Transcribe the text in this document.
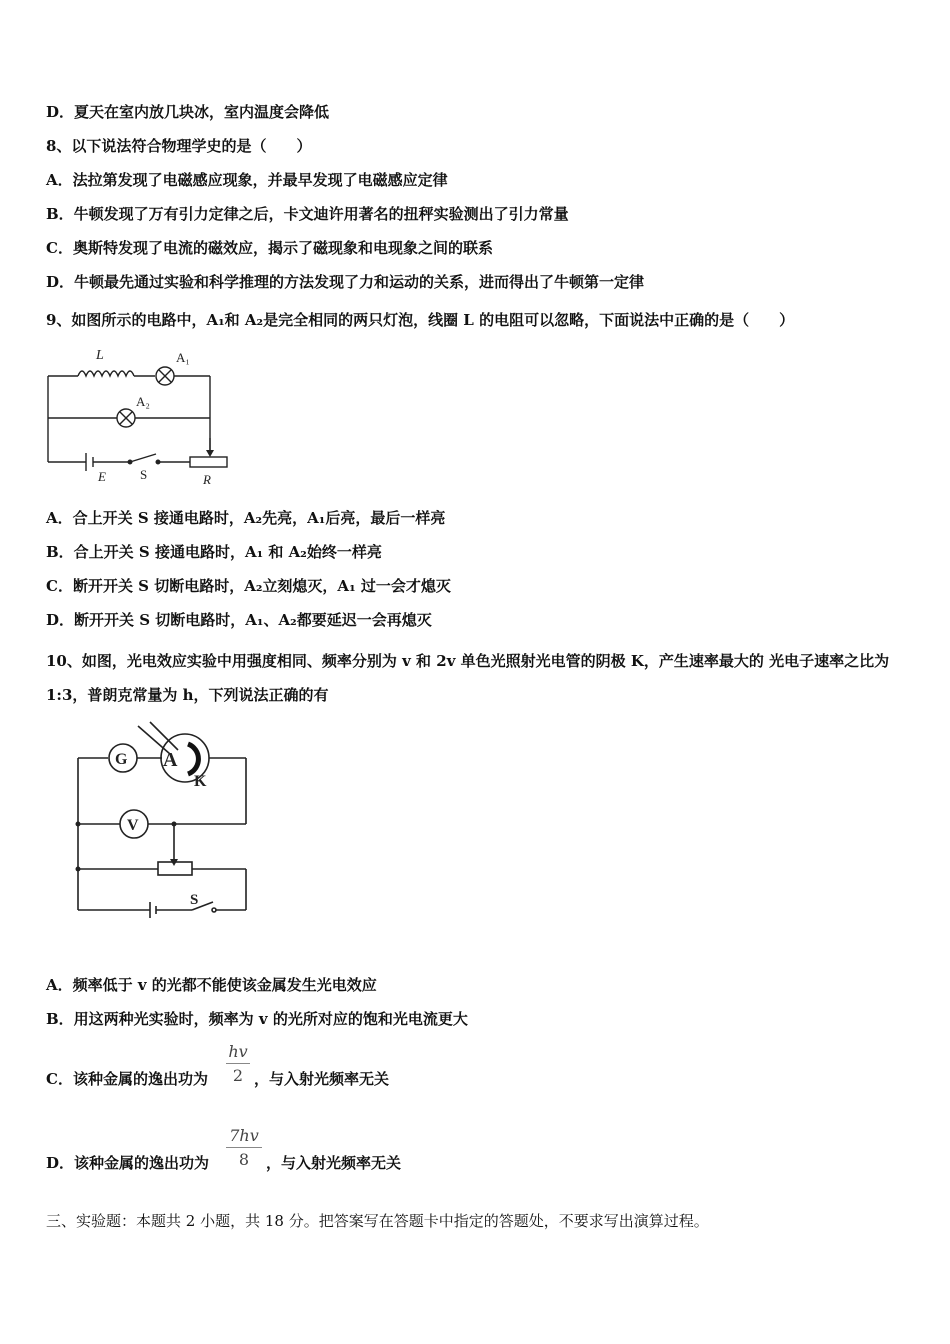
D．夏天在室内放几块冰，室内温度会降低
8、以下说法符合物理学史的是（　　）
A．法拉第发现了电磁感应现象，并最早发现了电磁感应定律
B．牛顿发现了万有引力定律之后，卡文迪许用著名的扭秤实验测出了引力常量
C．奥斯特发现了电流的磁效应，揭示了磁现象和电现象之间的联系
D．牛顿最先通过实验和科学推理的方法发现了力和运动的关系，进而得出了牛顿第一定律
9、如图所示的电路中，A₁和 A₂是完全相同的两只灯泡，线圈 L 的电阻可以忽略，下面说法中正确的是（　　）
L	A₁
A₂
E	S	R
A．合上开关 S 接通电路时，A₂先亮，A₁后亮，最后一样亮
B．合上开关 S 接通电路时，A₁ 和 A₂始终一样亮
C．断开开关 S 切断电路时，A₂立刻熄灭，A₁ 过一会才熄灭
D．断开开关 S 切断电路时，A₁、A₂都要延迟一会再熄灭
10、如图，光电效应实验中用强度相同、频率分别为 v 和 2v 单色光照射光电管的阴极 K，产生速率最大的 光电子速率之比为 1:3，普朗克常量为 h，下列说法正确的有
G A
K
V
S
A．频率低于 v 的光都不能使该金属发生光电效应
B．用这两种光实验时，频率为 v 的光所对应的饱和光电流更大
C．该种金属的逸出功为 $\frac{hv}{2}$ ，与入射光频率无关
D．该种金属的逸出功为 $\frac{7hv}{8}$ ，与入射光频率无关
三、实验题：本题共 2 小题，共 18 分。把答案写在答题卡中指定的答题处，不要求写出演算过程。
